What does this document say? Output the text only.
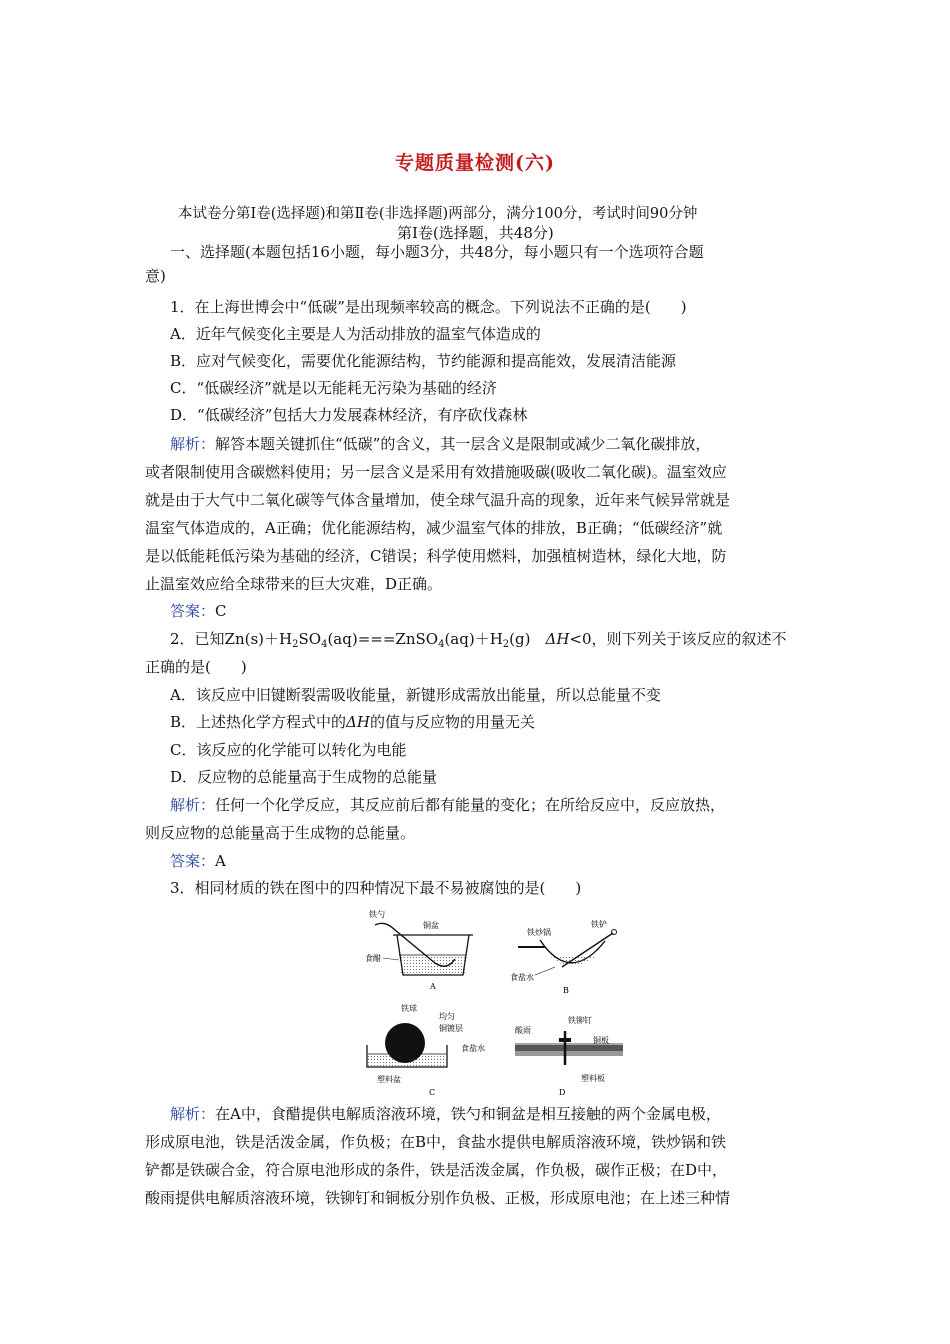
专题质量检测(六)
本试卷分第Ⅰ卷(选择题)和第Ⅱ卷(非选择题)两部分，满分100分，考试时间90分钟
第Ⅰ卷(选择题，共48分)
一、选择题(本题包括16小题，每小题3分，共48分，每小题只有一个选项符合题
意)
1．在上海世博会中“低碳”是出现频率较高的概念。下列说法不正确的是(　　)
A．近年气候变化主要是人为活动排放的温室气体造成的
B．应对气候变化，需要优化能源结构，节约能源和提高能效，发展清洁能源
C．“低碳经济”就是以无能耗无污染为基础的经济
D．“低碳经济”包括大力发展森林经济，有序砍伐森林
解析：解答本题关键抓住“低碳”的含义，其一层含义是限制或减少二氧化碳排放，
或者限制使用含碳燃料使用；另一层含义是采用有效措施吸碳(吸收二氧化碳)。温室效应
就是由于大气中二氧化碳等气体含量增加，使全球气温升高的现象，近年来气候异常就是
温室气体造成的，A正确；优化能源结构，减少温室气体的排放，B正确；“低碳经济”就
是以低能耗低污染为基础的经济，C错误；科学使用燃料，加强植树造林，绿化大地，防
止温室效应给全球带来的巨大灾难，D正确。
答案：C
2．已知$Zn(s)+H_2SO_4(aq)===ZnSO_4(aq)+H_2(g)$　ΔH<0，则下列关于该反应的叙述不
正确的是(　　)
A．该反应中旧键断裂需吸收能量，新键形成需放出能量，所以总能量不变
B．上述热化学方程式中的ΔH的值与反应物的用量无关
C．该反应的化学能可以转化为电能
D．反应物的总能量高于生成物的总能量
解析：任何一个化学反应，其反应前后都有能量的变化；在所给反应中，反应放热，
则反应物的总能量高于生成物的总能量。
答案：A
3．相同材质的铁在图中的四种情况下最不易被腐蚀的是(　　)
铁勺
铜盆
食醋
A
铁炒锅
铁铲
食盐水
B
铁球
均匀
铜镀层
食盐水
塑料盆
C
酸雨
铁铆钉
铜板
塑料板
D
解析：在A中，食醋提供电解质溶液环境，铁勺和铜盆是相互接触的两个金属电极，
形成原电池，铁是活泼金属，作负极；在B中，食盐水提供电解质溶液环境，铁炒锅和铁
铲都是铁碳合金，符合原电池形成的条件，铁是活泼金属，作负极，碳作正极；在D中，
酸雨提供电解质溶液环境，铁铆钉和铜板分别作负极、正极，形成原电池；在上述三种情
